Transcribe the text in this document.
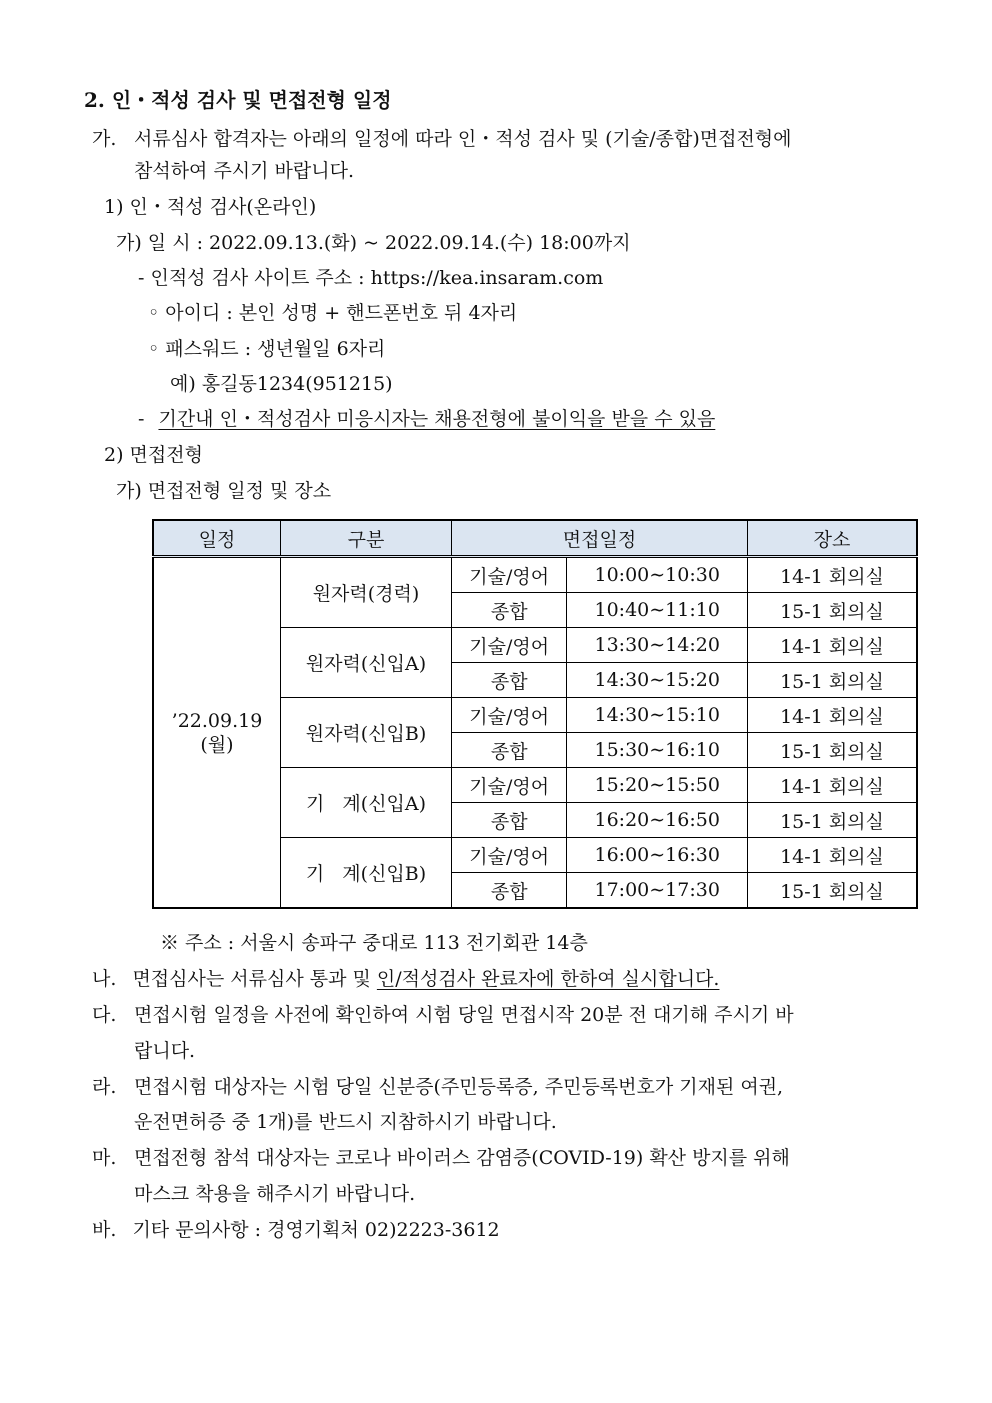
2. 인・적성 검사 및 면접전형 일정
가. 서류심사 합격자는 아래의 일정에 따라 인・적성 검사 및 (기술/종합)면접전형에
참석하여 주시기 바랍니다.
1) 인・적성 검사(온라인)
가) 일 시 : 2022.09.13.(화) ~ 2022.09.14.(수) 18:00까지
- 인적성 검사 사이트 주소 : https://kea.insaram.com
◦ 아이디 : 본인 성명 + 핸드폰번호 뒤 4자리
◦ 패스워드 : 생년월일 6자리
예) 홍길동1234(951215)
- 기간내 인・적성검사 미응시자는 채용전형에 불이익을 받을 수 있음
2) 면접전형
가) 면접전형 일정 및 장소
일정	구분	면접일정		장소

’22.09.19
(월)	원자력(경력)	기술/영어	10:00∼10:30	14-1 회의실
		종합	10:40∼11:10	15-1 회의실
	원자력(신입A)	기술/영어	13:30∼14:20	14-1 회의실
		종합	14:30∼15:20	15-1 회의실
	원자력(신입B)	기술/영어	14:30∼15:10	14-1 회의실
		종합	15:30∼16:10	15-1 회의실
	기   계(신입A)	기술/영어	15:20∼15:50	14-1 회의실
		종합	16:20∼16:50	15-1 회의실
	기   계(신입B)	기술/영어	16:00∼16:30	14-1 회의실
		종합	17:00∼17:30	15-1 회의실
※ 주소 : 서울시 송파구 중대로 113 전기회관 14층
나. 면접심사는 서류심사 통과 및 인/적성검사 완료자에 한하여 실시합니다.
다. 면접시험 일정을 사전에 확인하여 시험 당일 면접시작 20분 전 대기해 주시기 바
랍니다.
라. 면접시험 대상자는 시험 당일 신분증(주민등록증, 주민등록번호가 기재된 여권,
운전면허증 중 1개)를 반드시 지참하시기 바랍니다.
마. 면접전형 참석 대상자는 코로나 바이러스 감염증(COVID-19) 확산 방지를 위해
마스크 착용을 해주시기 바랍니다.
바. 기타 문의사항 : 경영기획처 02)2223-3612
